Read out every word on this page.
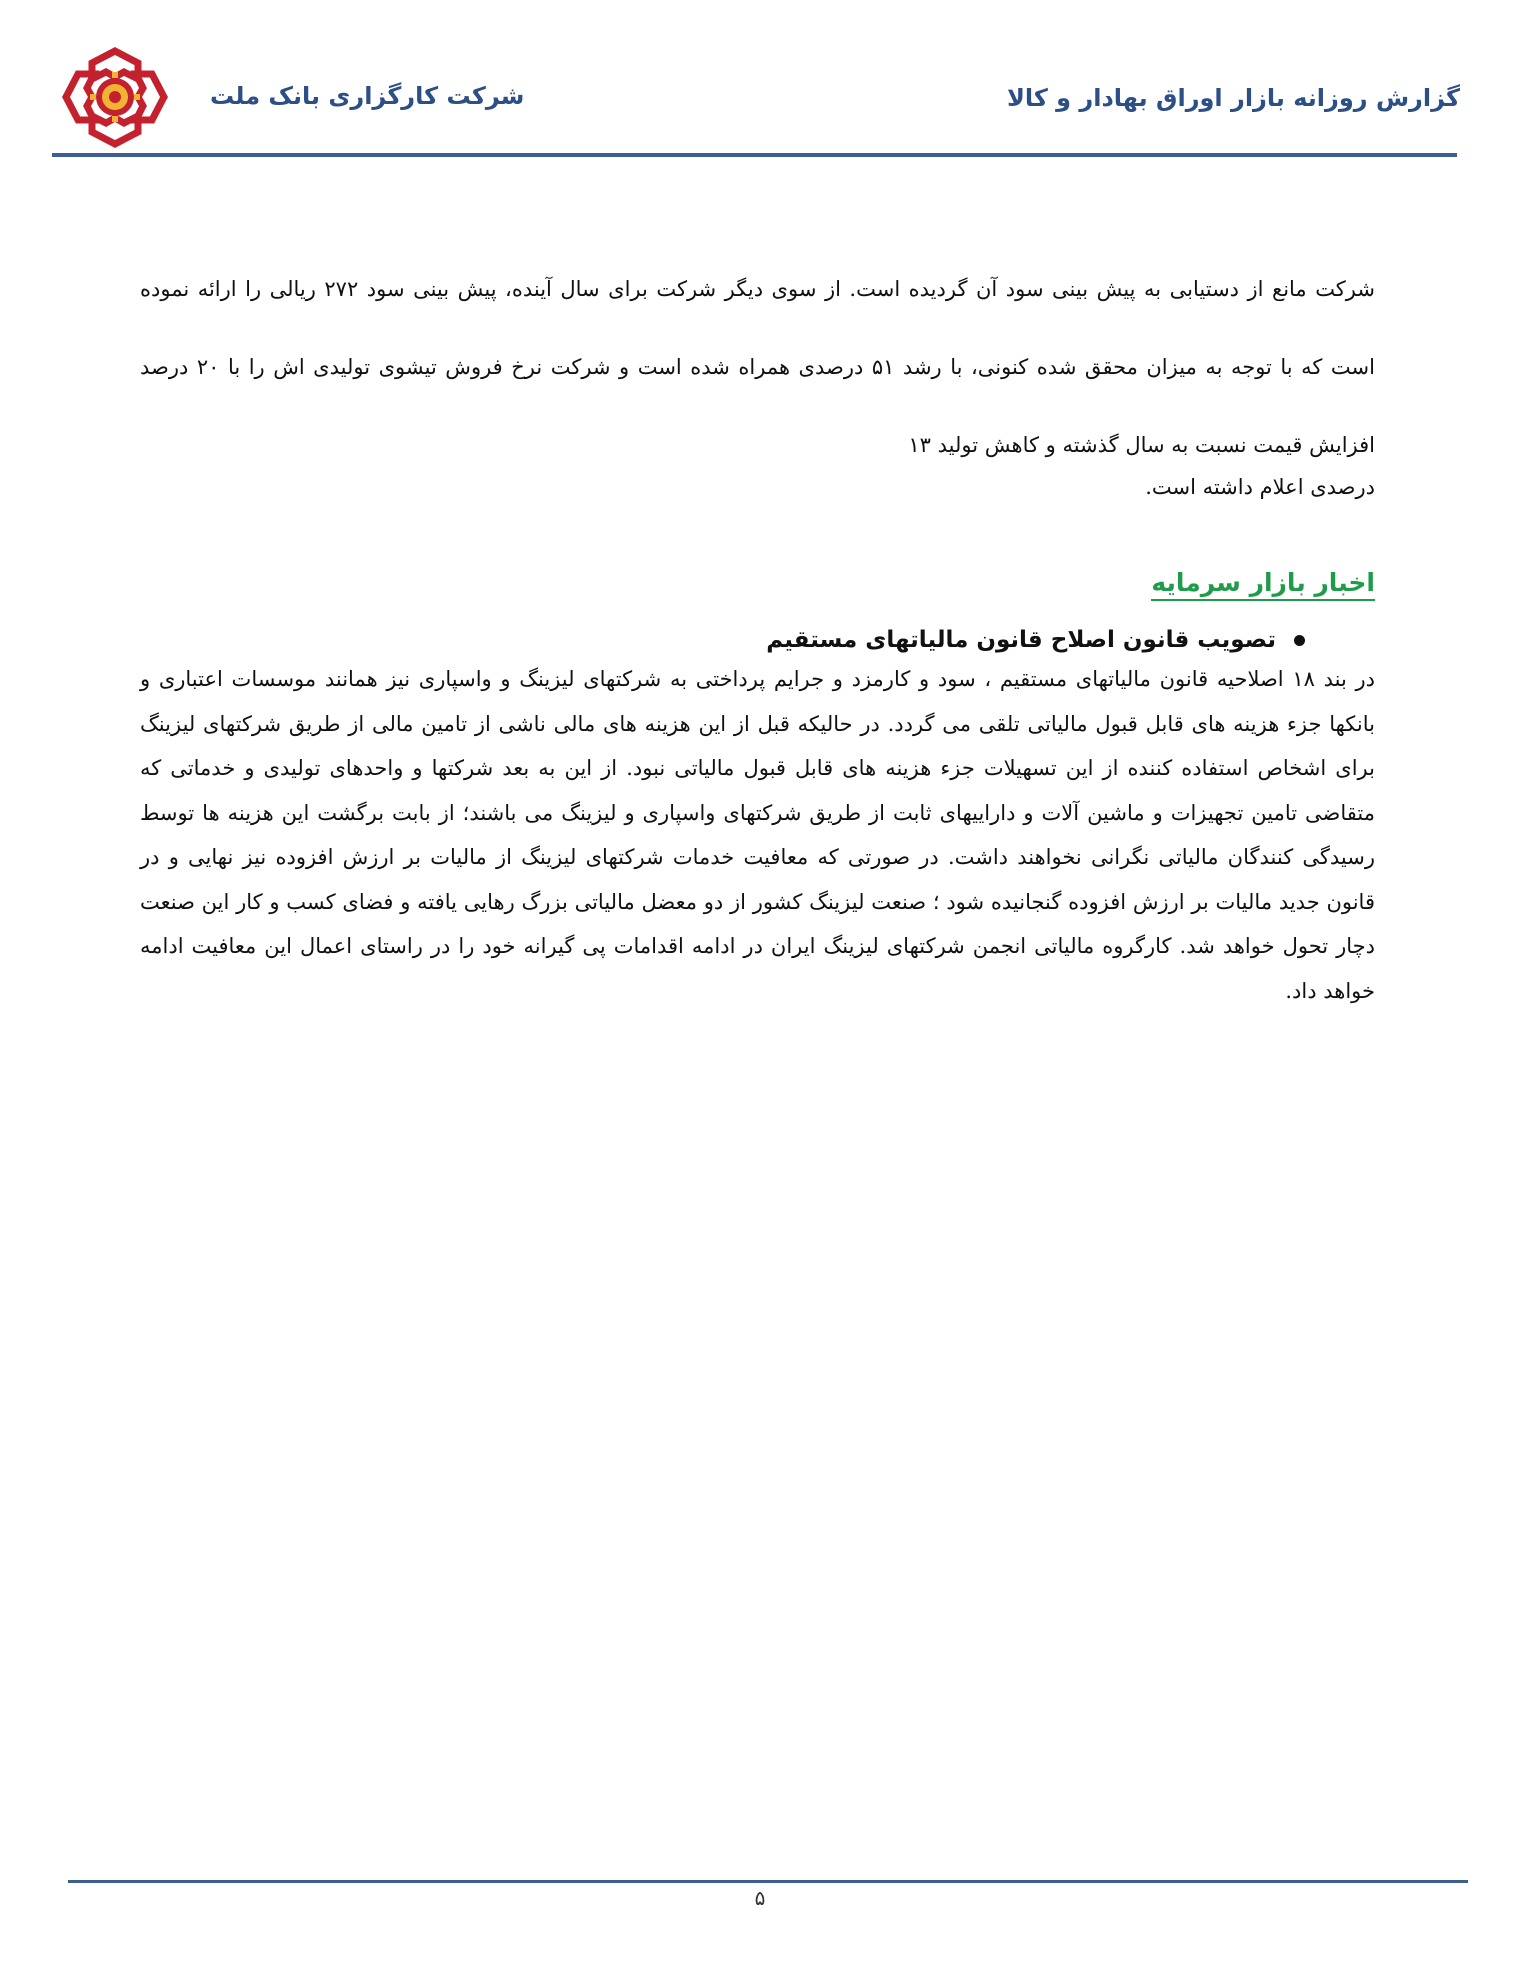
شرکت کارگزاری بانک ملت	گزارش روزانه بازار اوراق بهادار و کالا

شرکت مانع از دستیابی به پیش بینی سود آن گردیده است. از سوی دیگر شرکت برای سال آینده، پیش بینی سود ۲۷۲ ریالی را ارائه نموده است که با توجه به میزان محقق شده کنونی، با رشد ۵۱ درصدی همراه شده است و شرکت نرخ فروش تیشوی تولیدی اش را با ۲۰ درصد افزایش قیمت نسبت به سال گذشته و کاهش تولید ۱۳
درصدی اعلام داشته است.

اخبار بازار سرمایه
تصویب قانون اصلاح قانون مالیاتهای مستقیم

در بند ۱۸ اصلاحیه قانون مالیاتهای مستقیم ، سود و کارمزد و جرایم پرداختی به شرکتهای لیزینگ و واسپاری نیز همانند موسسات اعتباری و بانکها جزء هزینه های قابل قبول مالیاتی تلقی می گردد. در حالیکه قبل از این هزینه های مالی ناشی از تامین مالی از طریق شرکتهای لیزینگ برای اشخاص استفاده کننده از این تسهیلات جزء هزینه های قابل قبول مالیاتی نبود. از این به بعد شرکتها و واحدهای تولیدی و خدماتی که متقاضی تامین تجهیزات و ماشین آلات و داراییهای ثابت از طریق شرکتهای واسپاری و لیزینگ می باشند؛ از بابت برگشت این هزینه ها توسط رسیدگی کنندگان مالیاتی نگرانی نخواهند داشت. در صورتی که معافیت خدمات شرکتهای لیزینگ از مالیات بر ارزش افزوده نیز نهایی و در قانون جدید مالیات بر ارزش افزوده گنجانیده شود ؛ صنعت لیزینگ کشور از دو معضل مالیاتی بزرگ رهایی یافته و فضای کسب و کار این صنعت دچار تحول خواهد شد. کارگروه مالیاتی انجمن شرکتهای لیزینگ ایران در ادامه اقدامات پی گیرانه خود را در راستای اعمال این معافیت ادامه خواهد داد.

۵
